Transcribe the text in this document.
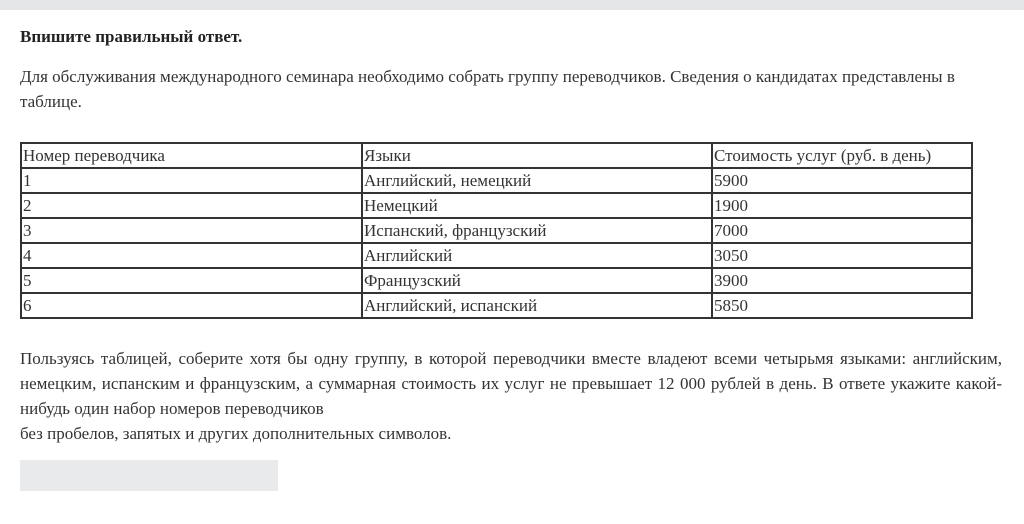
Впишите правильный ответ.

Для обслуживания международного семинара необходимо собрать группу переводчиков. Сведения о кандидатах представлены в таблице.

Номер переводчика	Языки	Стоимость услуг (руб. в день)
1	Английский, немецкий	5900
2	Немецкий	1900
3	Испанский, французский	7000
4	Английский	3050
5	Французский	3900
6	Английский, испанский	5850

Пользуясь таблицей, соберите хотя бы одну группу, в которой переводчики вместе владеют всеми четырьмя языками: английским, немецким, испанским и французским, а суммарная стоимость их услуг не превышает 12 000 рублей в день. В ответе укажите какой-нибудь один набор номеров переводчиков
без пробелов, запятых и других дополнительных символов.
